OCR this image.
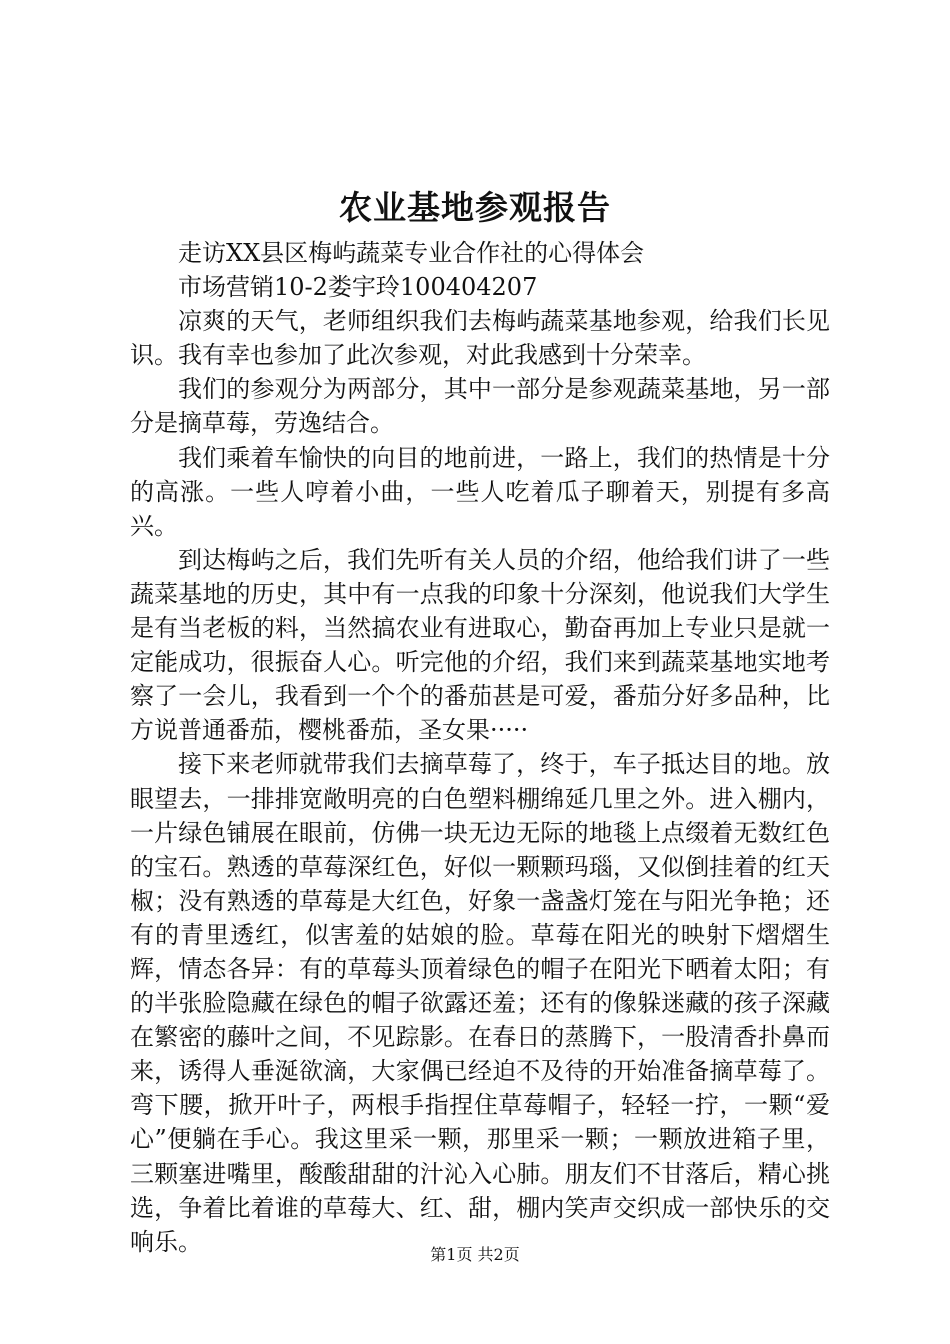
农业基地参观报告

走访XX县区梅屿蔬菜专业合作社的心得体会

市场营销10-2娄宇玲100404207

凉爽的天气，老师组织我们去梅屿蔬菜基地参观，给我们长见识。我有幸也参加了此次参观，对此我感到十分荣幸。

我们的参观分为两部分，其中一部分是参观蔬菜基地，另一部分是摘草莓，劳逸结合。

我们乘着车愉快的向目的地前进，一路上，我们的热情是十分的高涨。一些人哼着小曲，一些人吃着瓜子聊着天，别提有多高兴。

到达梅屿之后，我们先听有关人员的介绍，他给我们讲了一些蔬菜基地的历史，其中有一点我的印象十分深刻，他说我们大学生是有当老板的料，当然搞农业有进取心，勤奋再加上专业只是就一定能成功，很振奋人心。听完他的介绍，我们来到蔬菜基地实地考察了一会儿，我看到一个个的番茄甚是可爱，番茄分好多品种，比方说普通番茄，樱桃番茄，圣女果·····

接下来老师就带我们去摘草莓了，终于，车子抵达目的地。放眼望去，一排排宽敞明亮的白色塑料棚绵延几里之外。进入棚内，一片绿色铺展在眼前，仿佛一块无边无际的地毯上点缀着无数红色的宝石。熟透的草莓深红色，好似一颗颗玛瑙，又似倒挂着的红天椒；没有熟透的草莓是大红色，好象一盏盏灯笼在与阳光争艳；还有的青里透红，似害羞的姑娘的脸。草莓在阳光的映射下熠熠生辉，情态各异：有的草莓头顶着绿色的帽子在阳光下晒着太阳；有的半张脸隐藏在绿色的帽子欲露还羞；还有的像躲迷藏的孩子深藏在繁密的藤叶之间，不见踪影。在春日的蒸腾下，一股清香扑鼻而来，诱得人垂涎欲滴，大家偶已经迫不及待的开始准备摘草莓了。弯下腰，掀开叶子，两根手指捏住草莓帽子，轻轻一拧，一颗“爱心”便躺在手心。我这里采一颗，那里采一颗；一颗放进箱子里，三颗塞进嘴里，酸酸甜甜的汁沁入心肺。朋友们不甘落后，精心挑选，争着比着谁的草莓大、红、甜，棚内笑声交织成一部快乐的交响乐。	第1页 共2页
